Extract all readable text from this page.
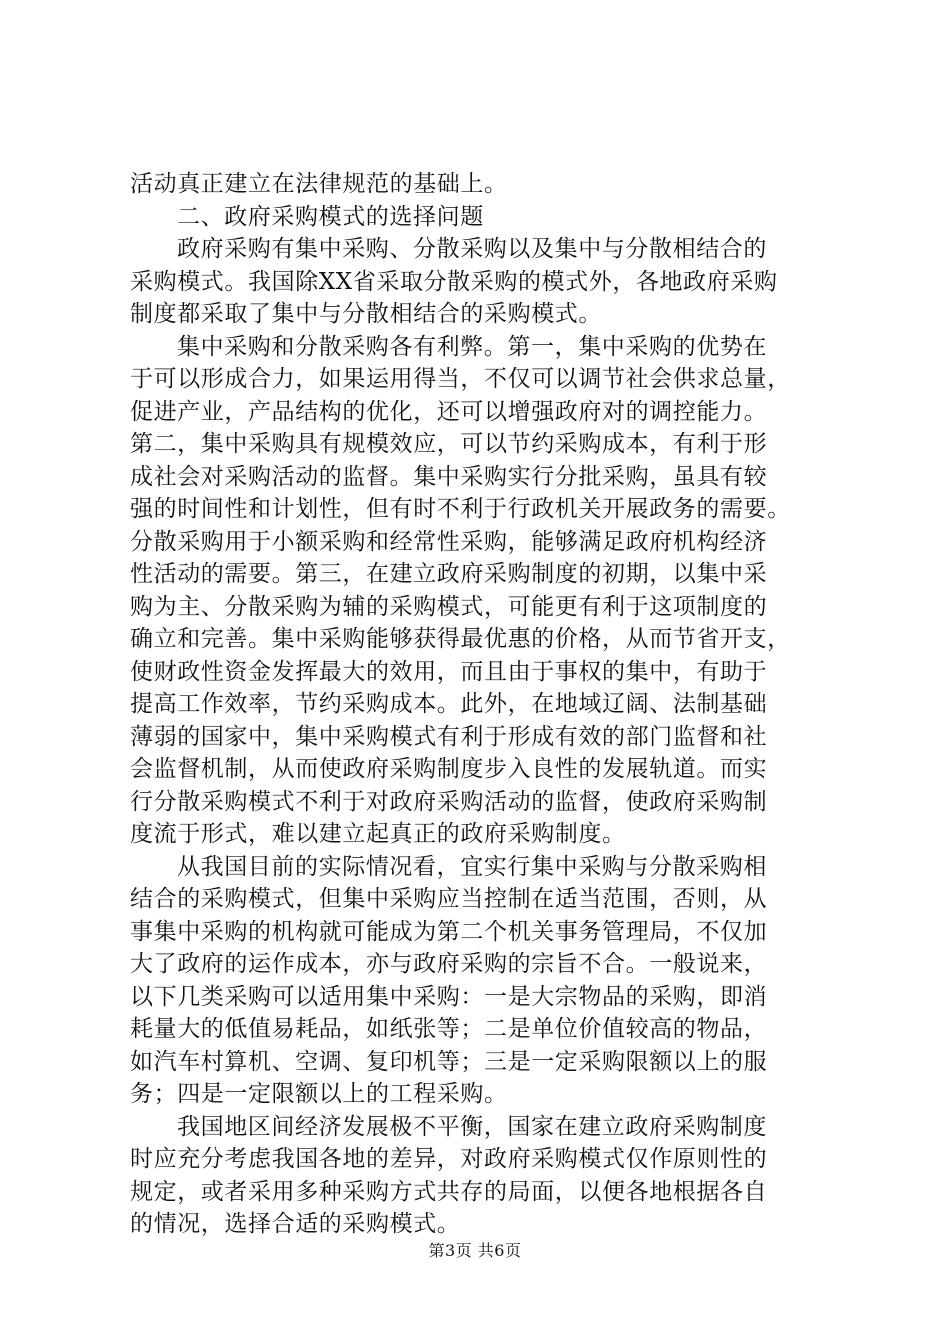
活动真正建立在法律规范的基础上。
二、政府采购模式的选择问题
政府采购有集中采购、分散采购以及集中与分散相结合的
采购模式。我国除XX省采取分散采购的模式外，各地政府采购
制度都采取了集中与分散相结合的采购模式。
集中采购和分散采购各有利弊。第一，集中采购的优势在
于可以形成合力，如果运用得当，不仅可以调节社会供求总量，
促进产业，产品结构的优化，还可以增强政府对的调控能力。
第二，集中采购具有规模效应，可以节约采购成本，有利于形
成社会对采购活动的监督。集中采购实行分批采购，虽具有较
强的时间性和计划性，但有时不利于行政机关开展政务的需要。
分散采购用于小额采购和经常性采购，能够满足政府机构经济
性活动的需要。第三，在建立政府采购制度的初期，以集中采
购为主、分散采购为辅的采购模式，可能更有利于这项制度的
确立和完善。集中采购能够获得最优惠的价格，从而节省开支，
使财政性资金发挥最大的效用，而且由于事权的集中，有助于
提高工作效率，节约采购成本。此外，在地域辽阔、法制基础
薄弱的国家中，集中采购模式有利于形成有效的部门监督和社
会监督机制，从而使政府采购制度步入良性的发展轨道。而实
行分散采购模式不利于对政府采购活动的监督，使政府采购制
度流于形式，难以建立起真正的政府采购制度。
从我国目前的实际情况看，宜实行集中采购与分散采购相
结合的采购模式，但集中采购应当控制在适当范围，否则，从
事集中采购的机构就可能成为第二个机关事务管理局，不仅加
大了政府的运作成本，亦与政府采购的宗旨不合。一般说来，
以下几类采购可以适用集中采购：一是大宗物品的采购，即消
耗量大的低值易耗品，如纸张等；二是单位价值较高的物品，
如汽车村算机、空调、复印机等；三是一定采购限额以上的服
务；四是一定限额以上的工程采购。
我国地区间经济发展极不平衡，国家在建立政府采购制度
时应充分考虑我国各地的差异，对政府采购模式仅作原则性的
规定，或者采用多种采购方式共存的局面，以便各地根据各自
的情况，选择合适的采购模式。
第3页 共6页
